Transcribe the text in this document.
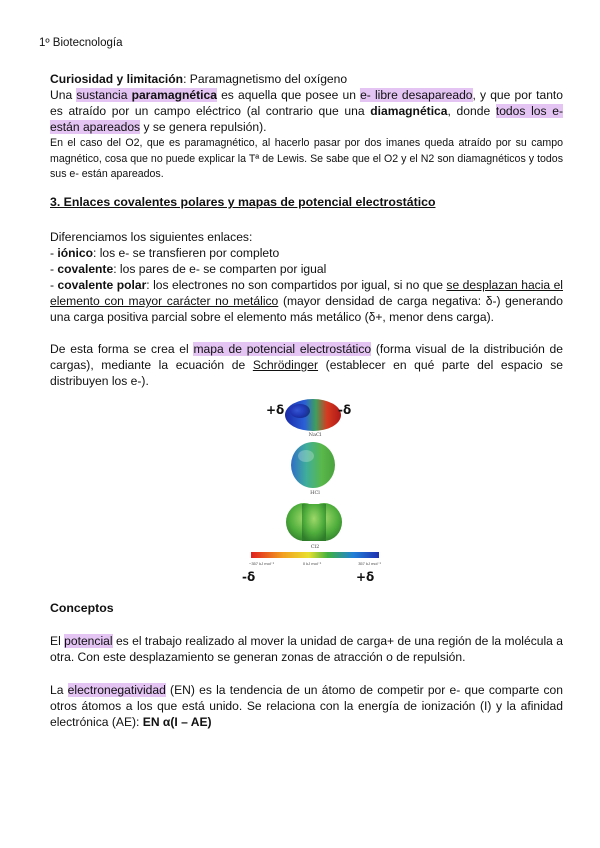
1º Biotecnología
Curiosidad y limitación: Paramagnetismo del oxígeno
Una sustancia paramagnética es aquella que posee un e- libre desapareado, y que por tanto es atraído por un campo eléctrico (al contrario que una diamagnética, donde todos los e- están apareados y se genera repulsión).
En el caso del O2, que es paramagnético, al hacerlo pasar por dos imanes queda atraído por su campo magnético, cosa que no puede explicar la Tª de Lewis. Se sabe que el O2 y el N2 son diamagnéticos y todos sus e- están apareados.
3. Enlaces covalentes polares y mapas de potencial electrostático
Diferenciamos los siguientes enlaces:
- iónico: los e- se transfieren por completo
- covalente: los pares de e- se comparten por igual
- covalente polar: los electrones no son compartidos por igual, si no que se desplazan hacia el elemento con mayor carácter no metálico (mayor densidad de carga negativa: δ-) generando una carga positiva parcial sobre el elemento más metálico (δ+, menor dens carga).
De esta forma se crea el mapa de potencial electrostático (forma visual de la distribución de cargas), mediante la ecuación de Schrödinger (establecer en qué parte del espacio se distribuyen los e-).
NaCl
HCl
Cl2
−357 kJ mol⁻¹	0 kJ mol⁻¹	357 kJ mol⁻¹
+δ	-δ
-δ	+δ
Conceptos
El potencial es el trabajo realizado al mover la unidad de carga+ de una región de la molécula a otra. Con este desplazamiento se generan zonas de atracción o de repulsión.
La electronegatividad (EN) es la tendencia de un átomo de competir por e- que comparte con otros átomos a los que está unido. Se relaciona con la energía de ionización (I) y la afinidad electrónica (AE): EN α(I – AE)
